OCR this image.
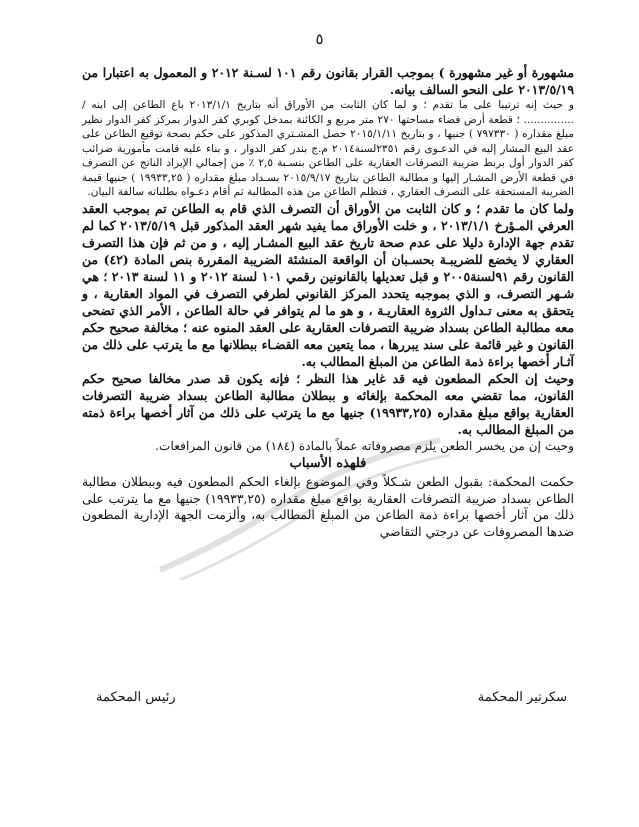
٥

مشهورة أو غير مشهورة ) بموجب القرار بقانون رقم ١٠١ لسـنة ٢٠١٢ و المعمول به اعتبارا من ٢٠١٣/٥/١٩ على النحو السالف بيانه.

و حيث إنه ترتيبا على ما تقدم ؛ و لما كان الثابت من الأوراق أنه بتاريخ ٢٠١٣/١/١ باع الطاعن إلى ابنه / ............... ؛ قطعة أرض فضاء مساحتها ٢٧٠ متر مربع و الكائنة بمدخل كوبري كفر الدوار بمركز كفر الدوار نظير مبلغ مقداره ( ٧٩٧٣٣٠ ) جنيها ، و بتاريخ ٢٠١٥/١/١١ حصل المشـتري المذكور على حكم بصحة توقيع الطاعن على عقد البيع المشار إليه في الدعـوى رقم ٢٣٥١لسنة٢٠١٤ م.ج بندر كفر الدوار ، و بناء عليه قامت مأمورية ضرائب كفر الدوار أول بربط ضريبة التصرفات العقارية على الطاعن بنسـبة ٢,٥ ٪ من إجمالي الإيراد الناتج عن التصرف في قطعة الأرض المشـار إليها و مطالبة الطاعن بتاريخ ٢٠١٥/٩/١٧ بسـداد مبلغ مقداره ( ١٩٩٣٣,٢٥ ) جنيها قيمة الضريبة المستحقة على التصرف العقاري ، فتظلم الطاعن من هذه المطالبة ثم أقام دعـواه بطلباته سالفة البيان.

ولما كان ما تقدم ؛ و كان الثابت من الأوراق أن التصرف الذي قام به الطاعن تم بموجب العقد العرفي المـؤرخ ٢٠١٣/١/١ ، و خلت الأوراق مما يفيد شهر العقد المذكور قبل ٢٠١٣/٥/١٩ كما لم تقدم جهة الإدارة دليلا على عدم صحة تاريخ عقد البيع المشـار إليه ، و من ثم فإن هذا التصرف العقاري لا يخضع للضريبـة بحسـبان أن الواقعة المنشئة الضريبة المقررة بنص المادة (٤٢) من القانون رقم ٩١لسنة٢٠٠٥ و قبل تعديلها بالقانونين رقمي ١٠١ لسنة ٢٠١٢ و ١١ لسنة ٢٠١٣ ؛ هي شـهر التصرف، و الذي بموجبه يتحدد المركز القانوني لطرفي التصرف في المواد العقارية ، و يتحقق به معنى تـداول الثروة العقاريـة ، و هو ما لم يتوافر في حالة الطاعن ، الأمر الذي تضحى معه مطالبة الطاعن بسداد ضريبة التصرفات العقارية على العقد المنوه عنه ؛ مخالفة صحيح حكم القانون و غير قائمة على سند يبررها ، مما يتعين معه القضـاء ببطلانها مع ما يترتب على ذلك من آثـار أخصها براءة ذمة الطاعن من المبلغ المطالب به.

وحيث إن الحكم المطعون فيه قد غاير هذا النظر ؛ فإنه يكون قد صدر مخالفا صحيح حكم القانون، مما تقضي معه المحكمة بإلغائه و ببطلان مطالبة الطاعن بسداد ضريبة التصرفات العقارية بواقع مبلغ مقداره (١٩٩٣٣,٢٥) جنيها مع ما يترتب على ذلك من آثار أخصها براءة ذمته من المبلغ المطالب به.

وحيث إن من يخسر الطعن يلزم مصروفاته عملاً بالمادة (١٨٤) من قانون المرافعات.

فلهذه الأسباب

حكمت المحكمة: بقبول الطعن شـكلاً وفي الموضوع بإلغاء الحكم المطعون فيه وببطلان مطالبة الطاعن بسداد ضريبة التصرفات العقارية بواقع مبلغ مقداره (١٩٩٣٣,٢٥) جنيها مع ما يترتب على ذلك من آثار أخصها براءة ذمة الطاعن من المبلغ المطالب به، وألزمت الجهة الإدارية المطعون ضدها المصروفات عن درجتي التقاضي

سكرتير المحكمة
رئيس المحكمة
